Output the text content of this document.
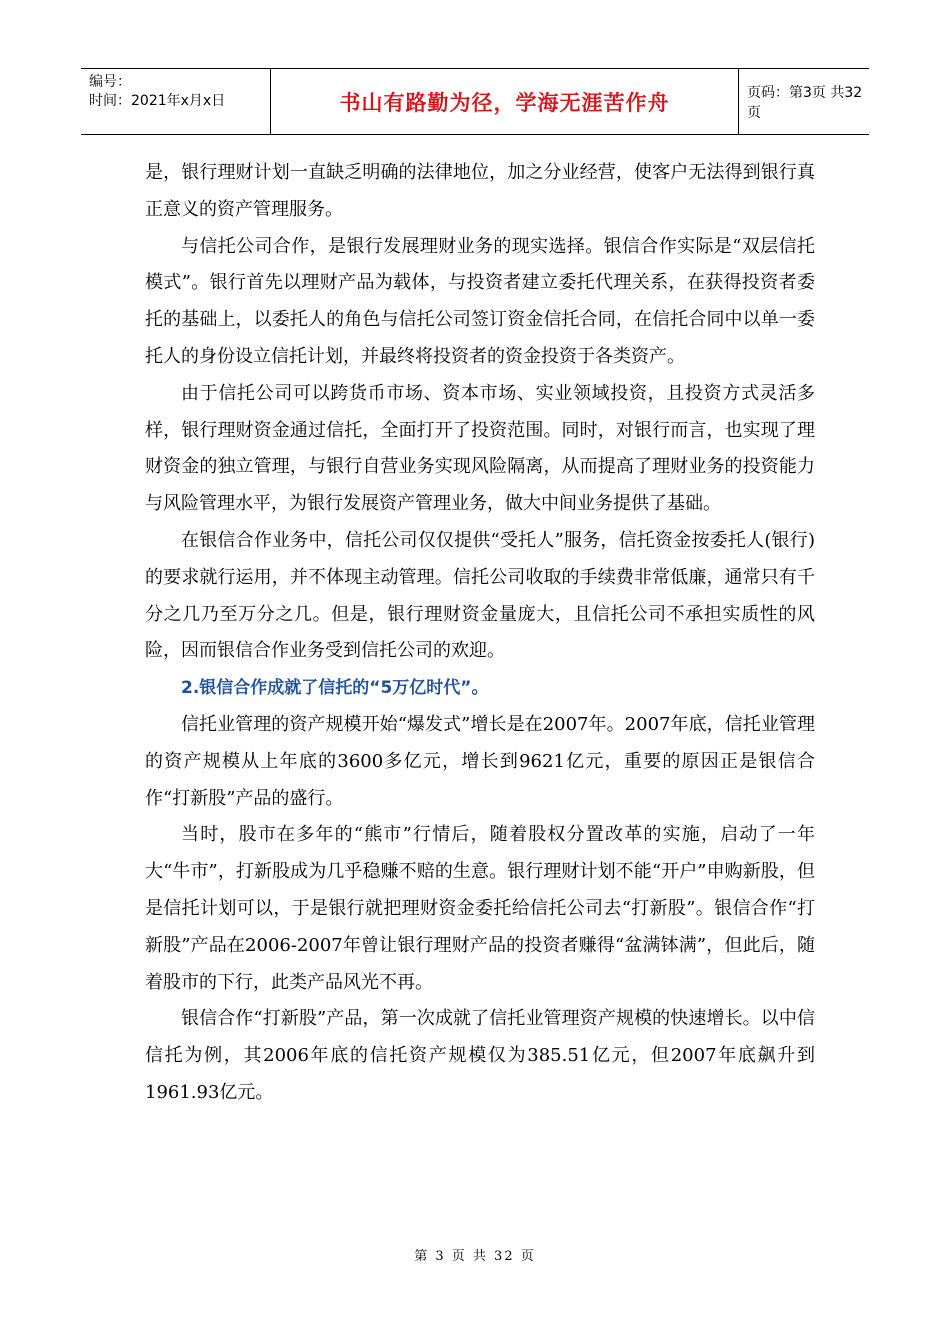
编号：
时间：2021年x月x日	书山有路勤为径，学海无涯苦作舟	页码：第3页 共32页

是，银行理财计划一直缺乏明确的法律地位，加之分业经营，使客户无法得到银行真正意义的资产管理服务。

与信托公司合作，是银行发展理财业务的现实选择。银信合作实际是“双层信托模式”。银行首先以理财产品为载体，与投资者建立委托代理关系，在获得投资者委托的基础上，以委托人的角色与信托公司签订资金信托合同，在信托合同中以单一委托人的身份设立信托计划，并最终将投资者的资金投资于各类资产。

由于信托公司可以跨货币市场、资本市场、实业领域投资，且投资方式灵活多样，银行理财资金通过信托，全面打开了投资范围。同时，对银行而言，也实现了理财资金的独立管理，与银行自营业务实现风险隔离，从而提高了理财业务的投资能力与风险管理水平，为银行发展资产管理业务，做大中间业务提供了基础。

在银信合作业务中，信托公司仅仅提供“受托人”服务，信托资金按委托人(银行)的要求就行运用，并不体现主动管理。信托公司收取的手续费非常低廉，通常只有千分之几乃至万分之几。但是，银行理财资金量庞大，且信托公司不承担实质性的风险，因而银信合作业务受到信托公司的欢迎。

2.银信合作成就了信托的“5万亿时代”。

信托业管理的资产规模开始“爆发式”增长是在2007年。2007年底，信托业管理的资产规模从上年底的3600多亿元，增长到9621亿元，重要的原因正是银信合作“打新股”产品的盛行。

当时，股市在多年的“熊市”行情后，随着股权分置改革的实施，启动了一年大“牛市”，打新股成为几乎稳赚不赔的生意。银行理财计划不能“开户”申购新股，但是信托计划可以，于是银行就把理财资金委托给信托公司去“打新股”。银信合作“打新股”产品在2006-2007年曾让银行理财产品的投资者赚得“盆满钵满”，但此后，随着股市的下行，此类产品风光不再。

银信合作“打新股”产品，第一次成就了信托业管理资产规模的快速增长。以中信信托为例，其2006年底的信托资产规模仅为385.51亿元，但2007年底飙升到1961.93亿元。

第 3 页 共 32 页
